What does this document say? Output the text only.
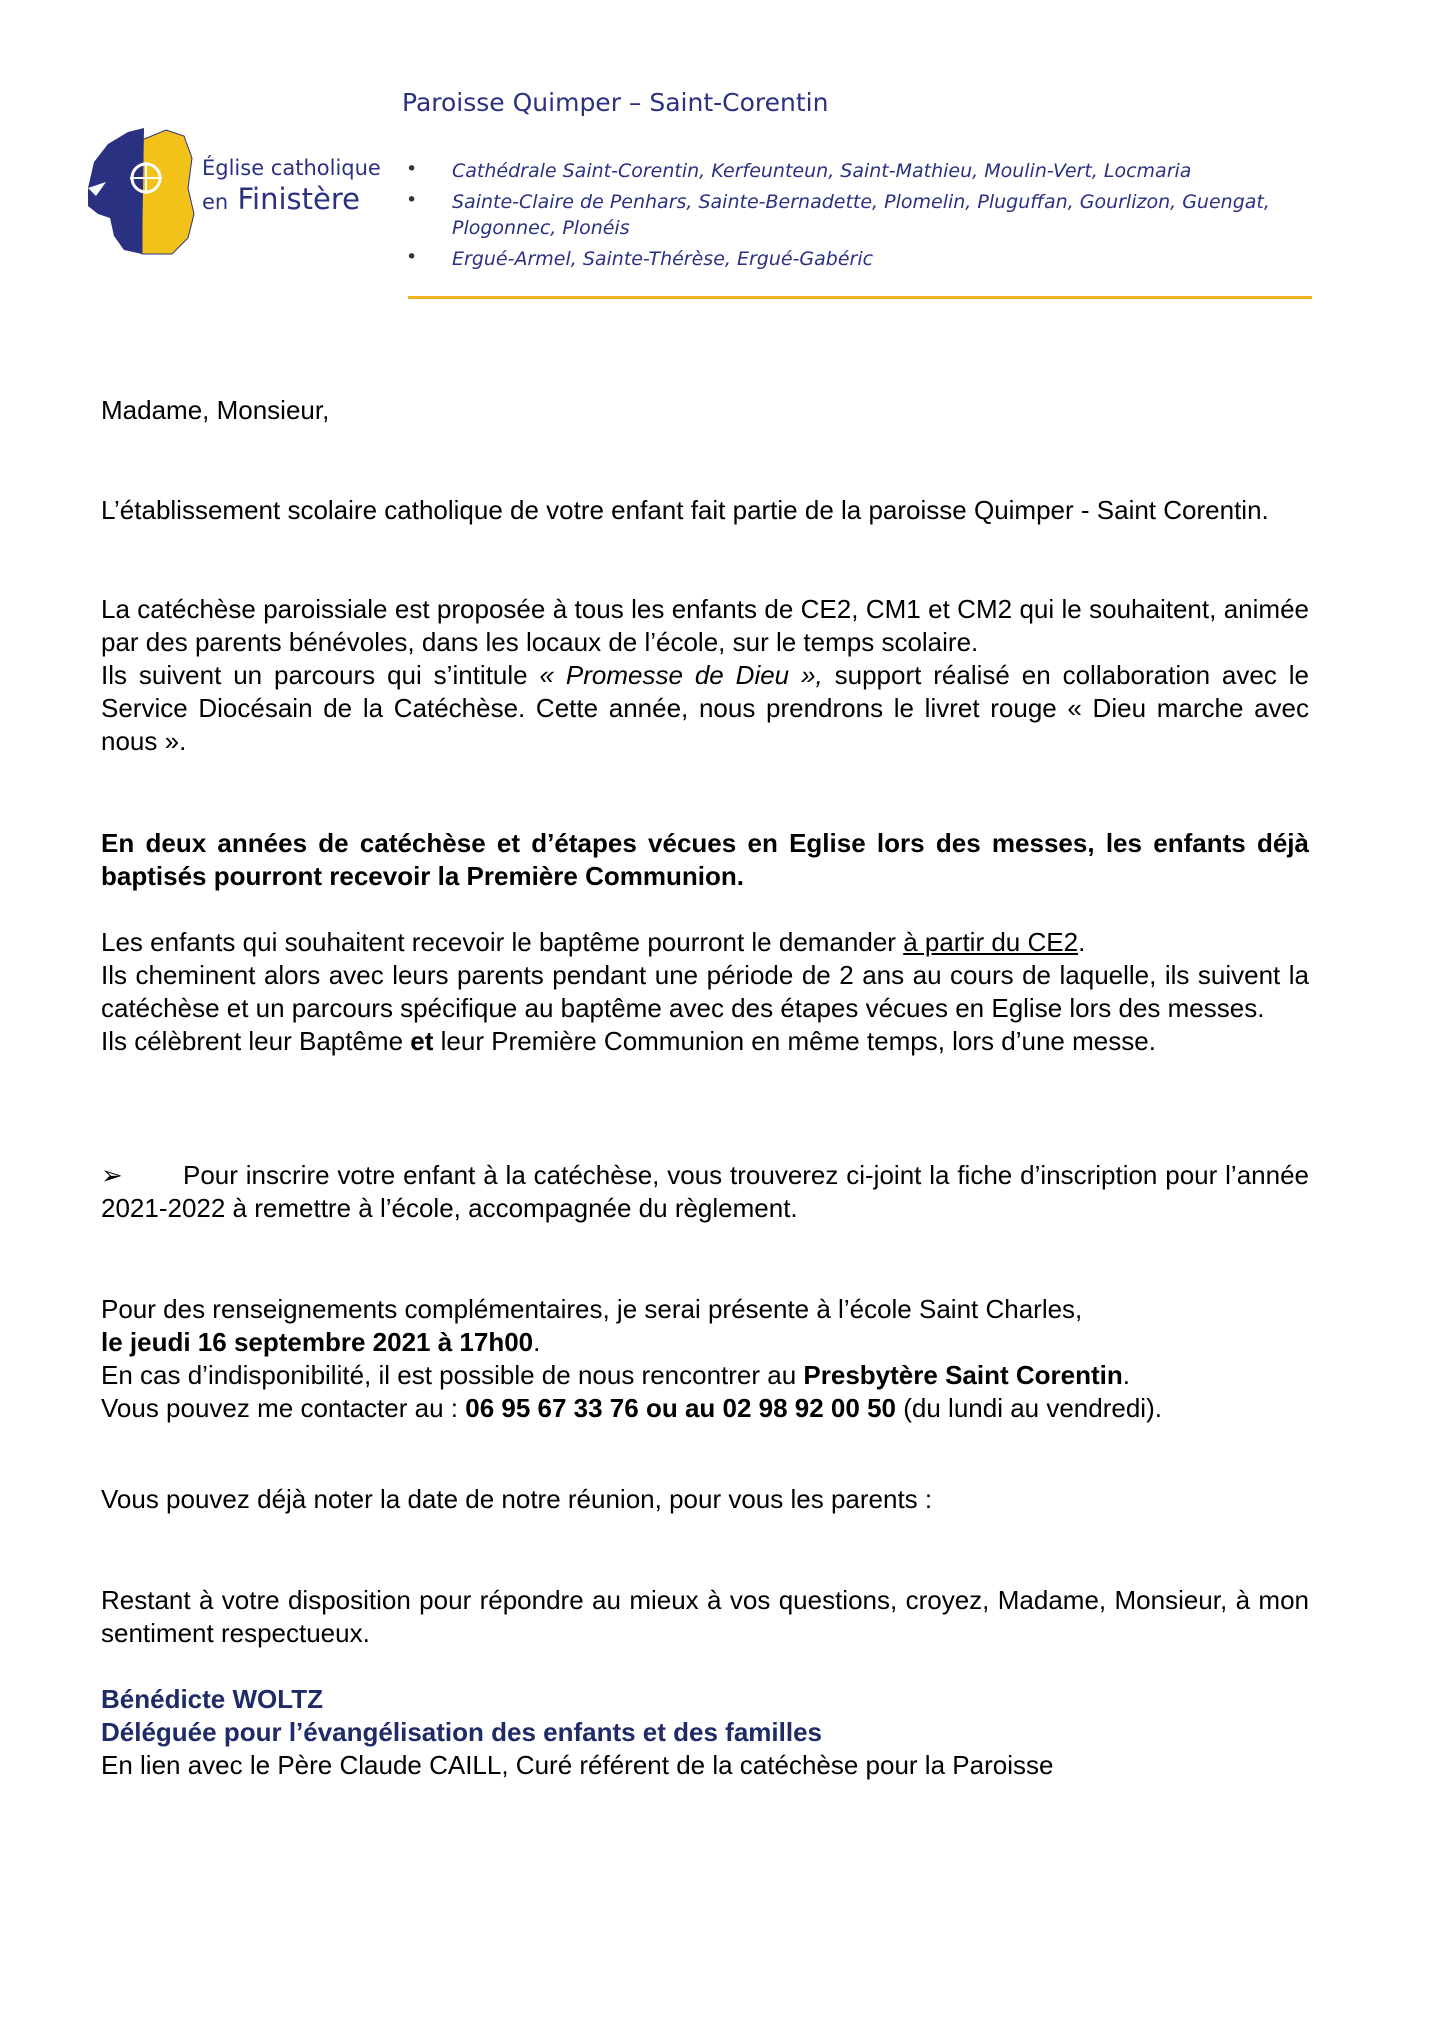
Église catholique
en Finistère
Paroisse Quimper – Saint-Corentin
• Cathédrale Saint-Corentin, Kerfeunteun, Saint-Mathieu, Moulin-Vert, Locmaria
• Sainte-Claire de Penhars, Sainte-Bernadette, Plomelin, Pluguffan, Gourlizon, Guengat, Plogonnec, Plonéis
• Ergué-Armel, Sainte-Thérèse, Ergué-Gabéric

Madame, Monsieur,

L’établissement scolaire catholique de votre enfant fait partie de la paroisse Quimper - Saint Corentin.

La catéchèse paroissiale est proposée à tous les enfants de CE2, CM1 et CM2 qui le souhaitent, animée par des parents bénévoles, dans les locaux de l’école, sur le temps scolaire.
Ils suivent un parcours qui s’intitule « Promesse de Dieu », support réalisé en collaboration avec le Service Diocésain de la Catéchèse. Cette année, nous prendrons le livret rouge « Dieu marche avec nous ».

En deux années de catéchèse et d’étapes vécues en Eglise lors des messes, les enfants déjà baptisés pourront recevoir la Première Communion.

Les enfants qui souhaitent recevoir le baptême pourront le demander à partir du CE2.
Ils cheminent alors avec leurs parents pendant une période de 2 ans au cours de laquelle, ils suivent la catéchèse et un parcours spécifique au baptême avec des étapes vécues en Eglise lors des messes.
Ils célèbrent leur Baptême et leur Première Communion en même temps, lors d’une messe.

➢ Pour inscrire votre enfant à la catéchèse, vous trouverez ci-joint la fiche d’inscription pour l’année 2021-2022 à remettre à l’école, accompagnée du règlement.

Pour des renseignements complémentaires, je serai présente à l’école Saint Charles,
le jeudi 16 septembre 2021 à 17h00.
En cas d’indisponibilité, il est possible de nous rencontrer au Presbytère Saint Corentin.
Vous pouvez me contacter au : 06 95 67 33 76 ou au 02 98 92 00 50 (du lundi au vendredi).

Vous pouvez déjà noter la date de notre réunion, pour vous les parents :

Restant à votre disposition pour répondre au mieux à vos questions, croyez, Madame, Monsieur, à mon sentiment respectueux.

Bénédicte WOLTZ
Déléguée pour l’évangélisation des enfants et des familles
En lien avec le Père Claude CAILL, Curé référent de la catéchèse pour la Paroisse
